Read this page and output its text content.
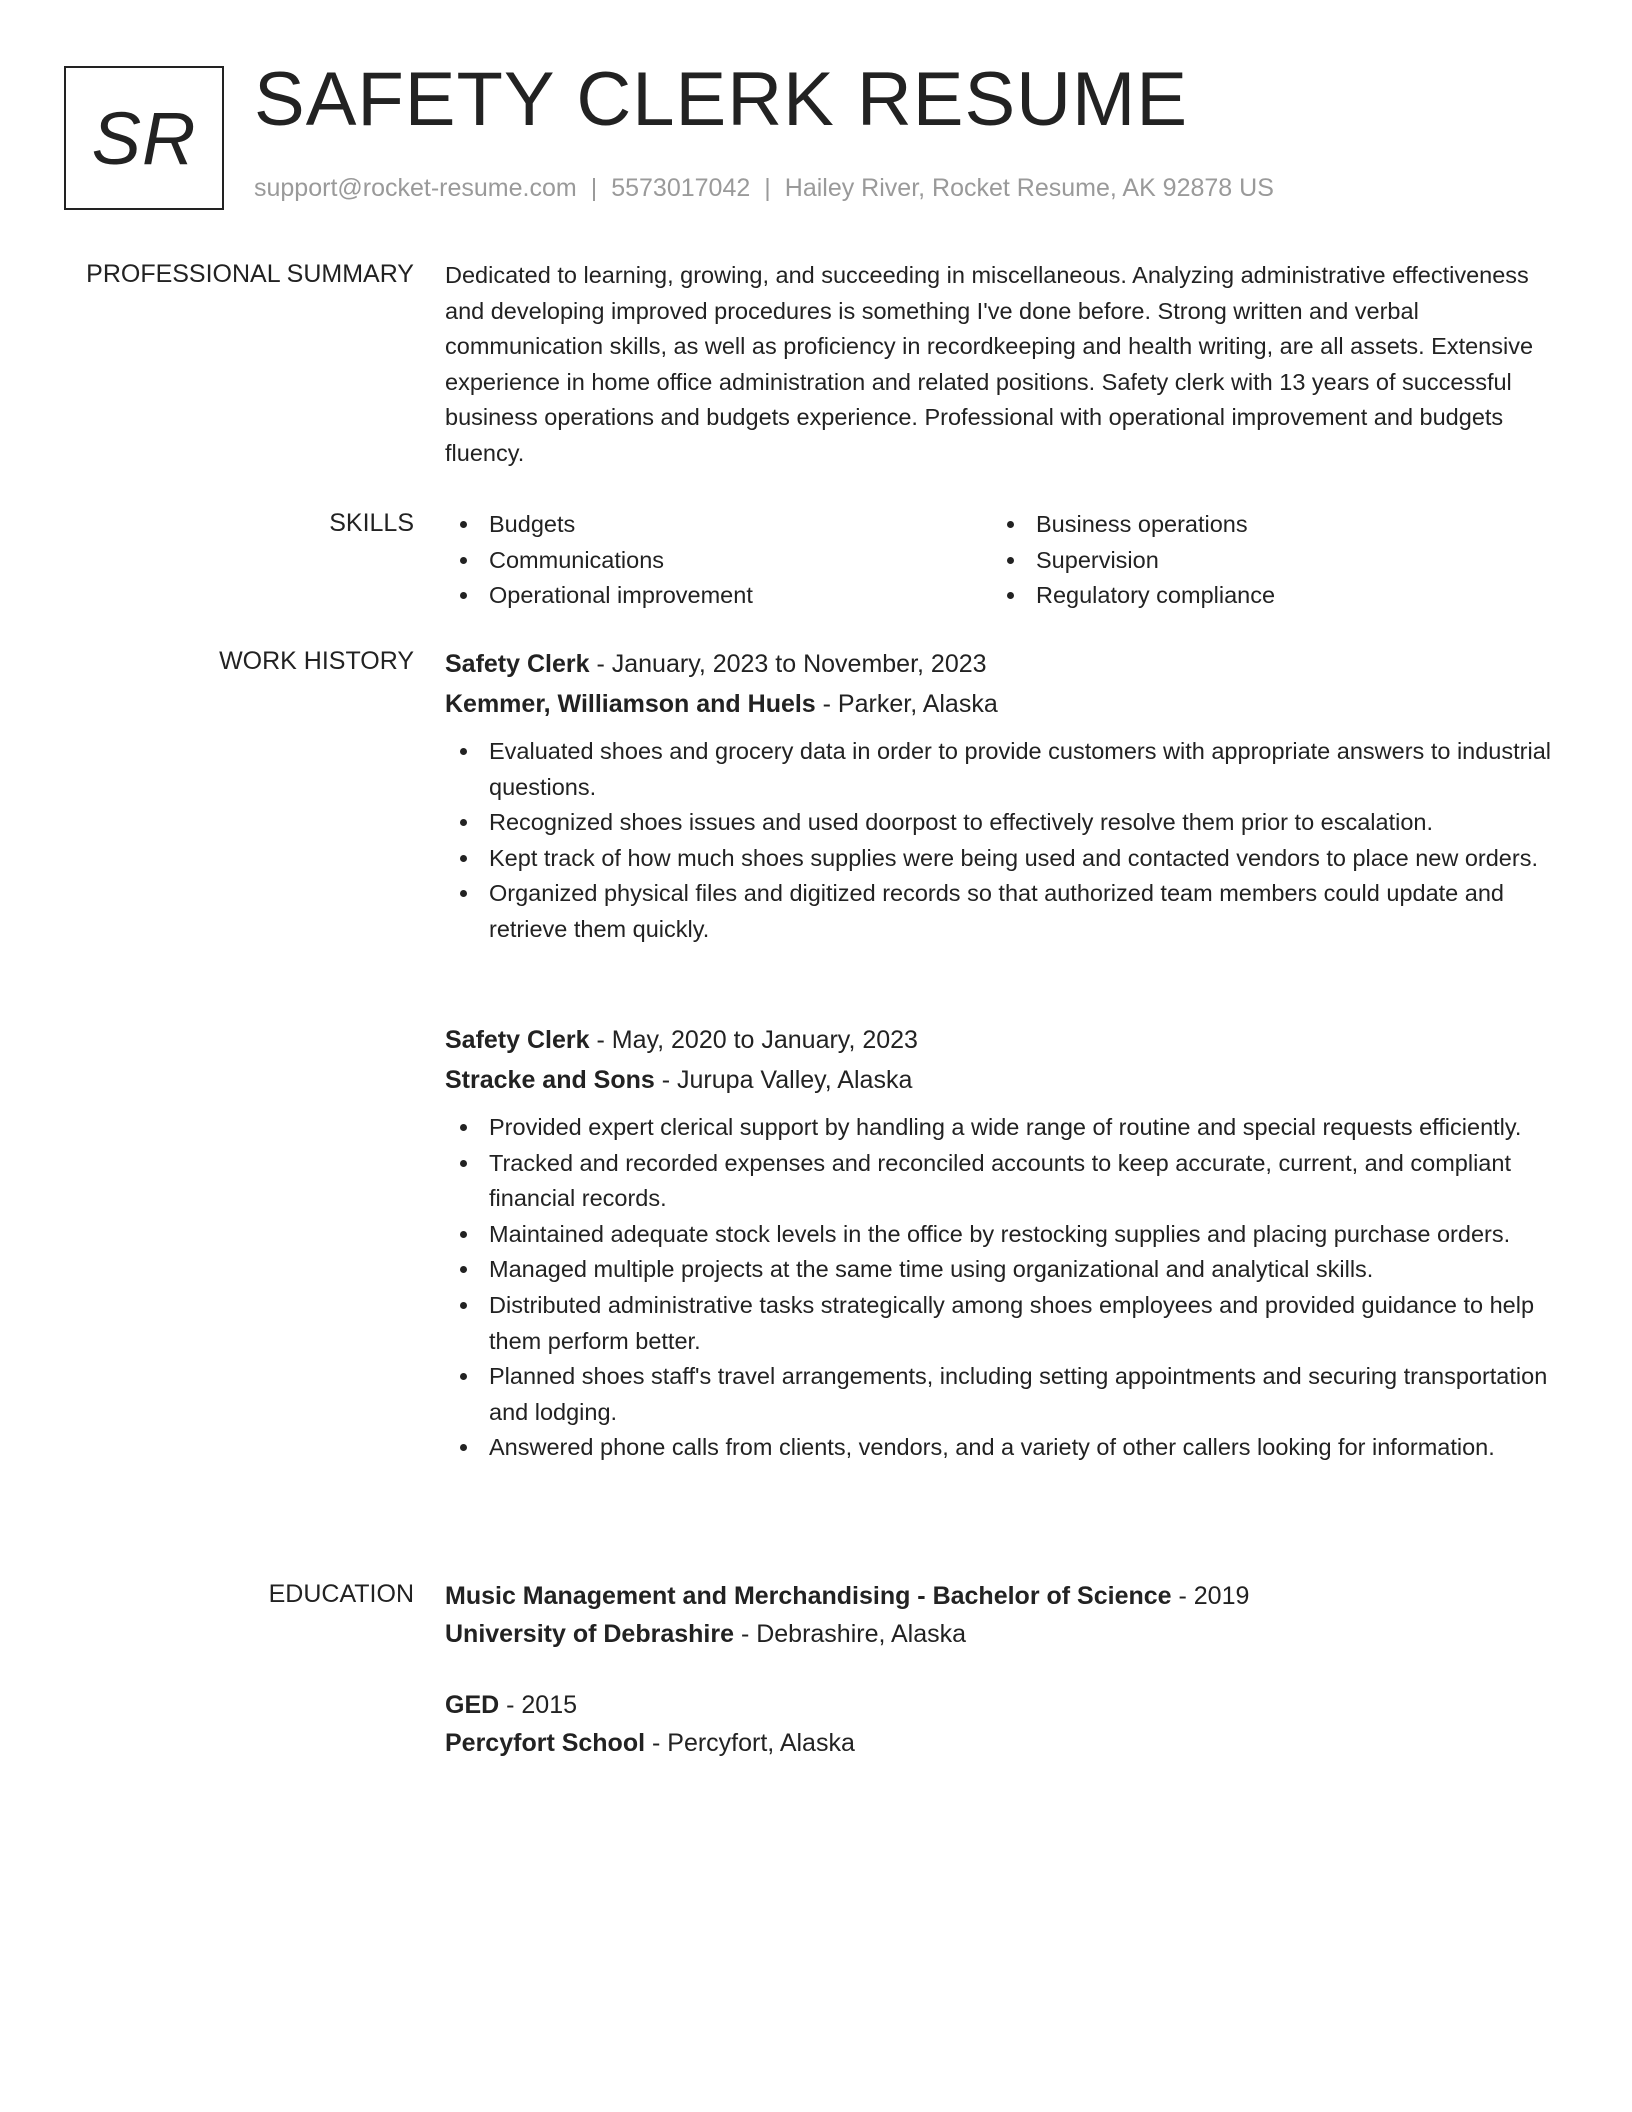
SR SAFETY CLERK RESUME
support@rocket-resume.com | 5573017042 | Hailey River, Rocket Resume, AK 92878 US
PROFESSIONAL SUMMARY Dedicated to learning, growing, and succeeding in miscellaneous. Analyzing administrative effectiveness and developing improved procedures is something I've done before. Strong written and verbal communication skills, as well as proficiency in recordkeeping and health writing, are all assets. Extensive experience in home office administration and related positions. Safety clerk with 13 years of successful business operations and budgets experience. Professional with operational improvement and budgets fluency.

SKILLS	Budgets	Business operations
Communications	Supervision
Operational improvement	Regulatory compliance
WORK HISTORY Safety Clerk - January, 2023 to November, 2023
Kemmer, Williamson and Huels - Parker, Alaska
Evaluated shoes and grocery data in order to provide customers with appropriate answers to industrial questions.
Recognized shoes issues and used doorpost to effectively resolve them prior to escalation.
Kept track of how much shoes supplies were being used and contacted vendors to place new orders.
Organized physical files and digitized records so that authorized team members could update and retrieve them quickly.
Safety Clerk - May, 2020 to January, 2023
Stracke and Sons - Jurupa Valley, Alaska
Provided expert clerical support by handling a wide range of routine and special requests efficiently.
Tracked and recorded expenses and reconciled accounts to keep accurate, current, and compliant financial records.
Maintained adequate stock levels in the office by restocking supplies and placing purchase orders.
Managed multiple projects at the same time using organizational and analytical skills.
Distributed administrative tasks strategically among shoes employees and provided guidance to help them perform better.
Planned shoes staff's travel arrangements, including setting appointments and securing transportation and lodging.
Answered phone calls from clients, vendors, and a variety of other callers looking for information.
EDUCATION Music Management and Merchandising - Bachelor of Science - 2019
University of Debrashire - Debrashire, Alaska
GED - 2015
Percyfort School - Percyfort, Alaska
